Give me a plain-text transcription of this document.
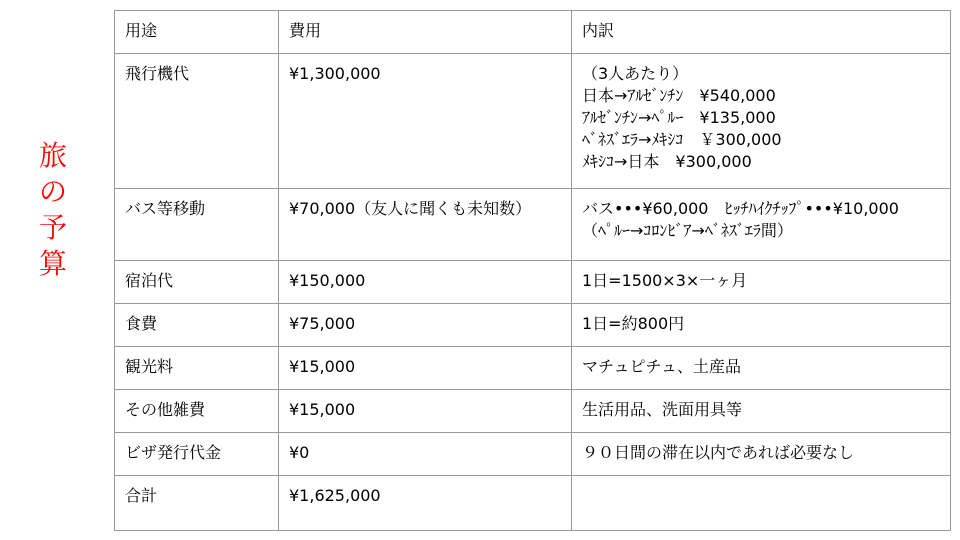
旅
の
予
算
用途	費用	内訳
飛行機代	¥1,300,000	（3人あたり）
日本→ｱﾙｾﾞﾝﾁﾝ　¥540,000
ｱﾙｾﾞﾝﾁﾝ→ﾍﾟﾙｰ　¥135,000
ﾍﾞﾈｽﾞｴﾗ→ﾒｷｼｺ　￥300,000
ﾒｷｼｺ→日本　¥300,000

バス等移動	¥70,000（友人に聞くも未知数）	バス•••¥60,000　ﾋｯﾁﾊｲｸﾁｯﾌﾟ•••¥10,000
（ﾍﾟﾙｰ→ｺﾛﾝﾋﾞｱ→ﾍﾞﾈｽﾞｴﾗ間）

宿泊代	¥150,000	1日=1500×3×一ヶ月
食費	¥75,000	1日=約800円
観光料	¥15,000	マチュピチュ、土産品
その他雑費	¥15,000	生活用品、洗面用具等
ビザ発行代金	¥0	９０日間の滞在以内であれば必要なし
合計	¥1,625,000	
